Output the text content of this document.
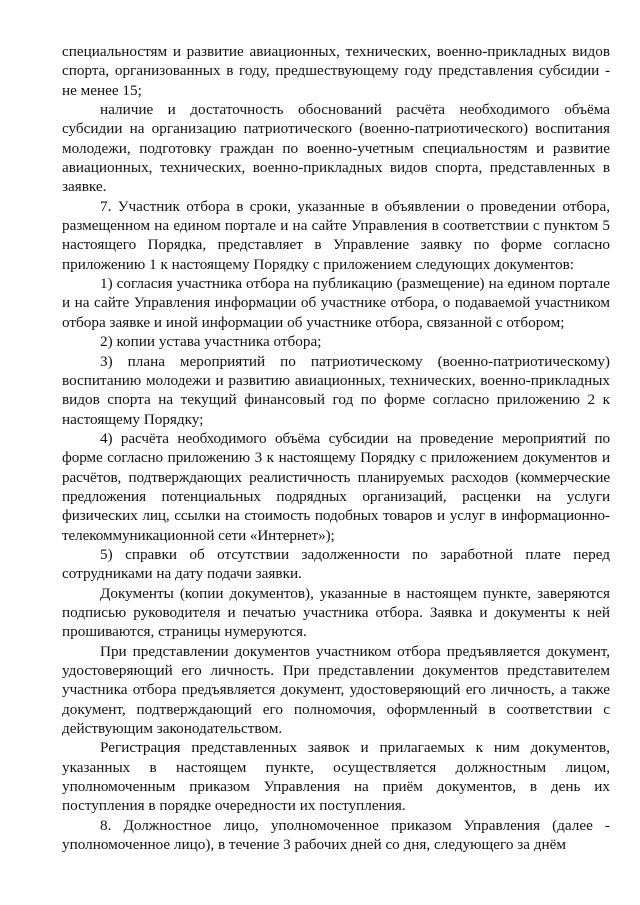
специальностям и развитие авиационных, технических, военно-прикладных видов спорта, организованных в году, предшествующему году представления субсидии - не менее 15;

наличие и достаточность обоснований расчёта необходимого объёма субсидии на организацию патриотического (военно-патриотического) воспитания молодежи, подготовку граждан по военно-учетным специальностям и развитие авиационных, технических, военно-прикладных видов спорта, представленных в заявке.

7. Участник отбора в сроки, указанные в объявлении о проведении отбора, размещенном на едином портале и на сайте Управления в соответствии с пунктом 5 настоящего Порядка, представляет в Управление заявку по форме согласно приложению 1 к настоящему Порядку с приложением следующих документов:

1) согласия участника отбора на публикацию (размещение) на едином портале и на сайте Управления информации об участнике отбора, о подаваемой участником отбора заявке и иной информации об участнике отбора, связанной с отбором;

2) копии устава участника отбора;

3) плана мероприятий по патриотическому (военно-патриотическому) воспитанию молодежи и развитию авиационных, технических, военно-прикладных видов спорта на текущий финансовый год по форме согласно приложению 2 к настоящему Порядку;

4) расчёта необходимого объёма субсидии на проведение мероприятий по форме согласно приложению 3 к настоящему Порядку с приложением документов и расчётов, подтверждающих реалистичность планируемых расходов (коммерческие предложения потенциальных подрядных организаций, расценки на услуги физических лиц, ссылки на стоимость подобных товаров и услуг в информационно-телекоммуникационной сети «Интернет»);

5) справки об отсутствии задолженности по заработной плате перед сотрудниками на дату подачи заявки.

Документы (копии документов), указанные в настоящем пункте, заверяются подписью руководителя и печатью участника отбора. Заявка и документы к ней прошиваются, страницы нумеруются.

При представлении документов участником отбора предъявляется документ, удостоверяющий его личность. При представлении документов представителем участника отбора предъявляется документ, удостоверяющий его личность, а также документ, подтверждающий его полномочия, оформленный в соответствии с действующим законодательством.

Регистрация представленных заявок и прилагаемых к ним документов, указанных в настоящем пункте, осуществляется должностным лицом, уполномоченным приказом Управления на приём документов, в день их поступления в порядке очередности их поступления.

8. Должностное лицо, уполномоченное приказом Управления (далее - уполномоченное лицо), в течение 3 рабочих дней со дня, следующего за днём
